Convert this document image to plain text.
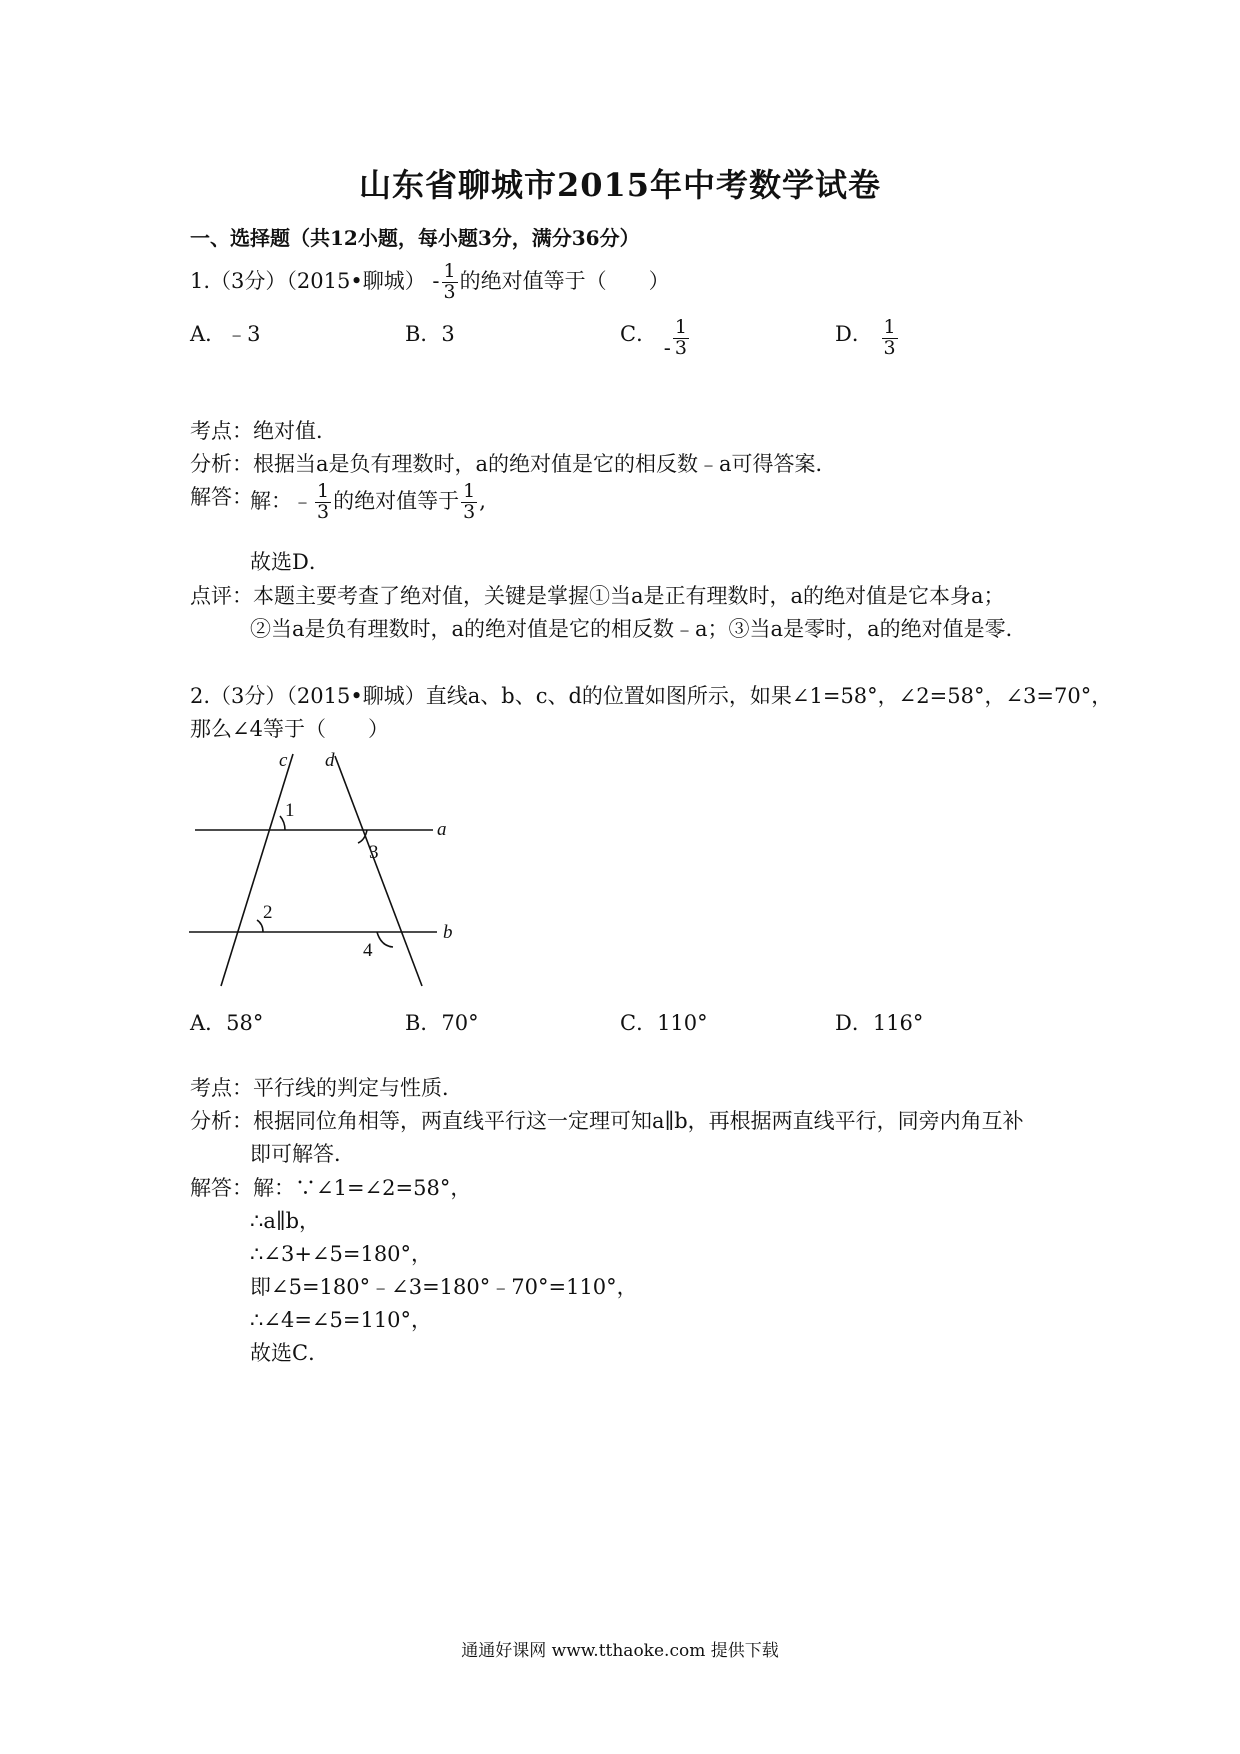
山东省聊城市2015年中考数学试卷
一、选择题（共12小题，每小题3分，满分36分）
1.（3分）（2015•聊城） - $\frac{1}{3}$ 的绝对值等于（　　）
A．﹣3	B．3	C． - $\frac{1}{3}$	D． $\frac{1}{3}$
考点：绝对值．
分析：根据当a是负有理数时，a的绝对值是它的相反数﹣a可得答案．
解答：
解：﹣ $\frac{1}{3}$ 的绝对值等于 $\frac{1}{3}$ ,
故选D．
点评：本题主要考查了绝对值，关键是掌握①当a是正有理数时，a的绝对值是它本身a；
②当a是负有理数时，a的绝对值是它的相反数﹣a；③当a是零时，a的绝对值是零．
2.（3分）（2015•聊城）直线a、b、c、d的位置如图所示，如果∠1=58°，∠2=58°，∠3=70°，
那么∠4等于（　　）
c d
a
b
1
3
2
4
A．58°	B．70°	C．110°	D．116°
考点：平行线的判定与性质．
分析：根据同位角相等，两直线平行这一定理可知a∥b，再根据两直线平行，同旁内角互补
即可解答．
解答：解：∵∠1=∠2=58°，
∴a∥b，
∴∠3+∠5=180°，
即∠5=180°﹣∠3=180°﹣70°=110°，
∴∠4=∠5=110°，
故选C．
通通好课网 www.tthaoke.com 提供下载
